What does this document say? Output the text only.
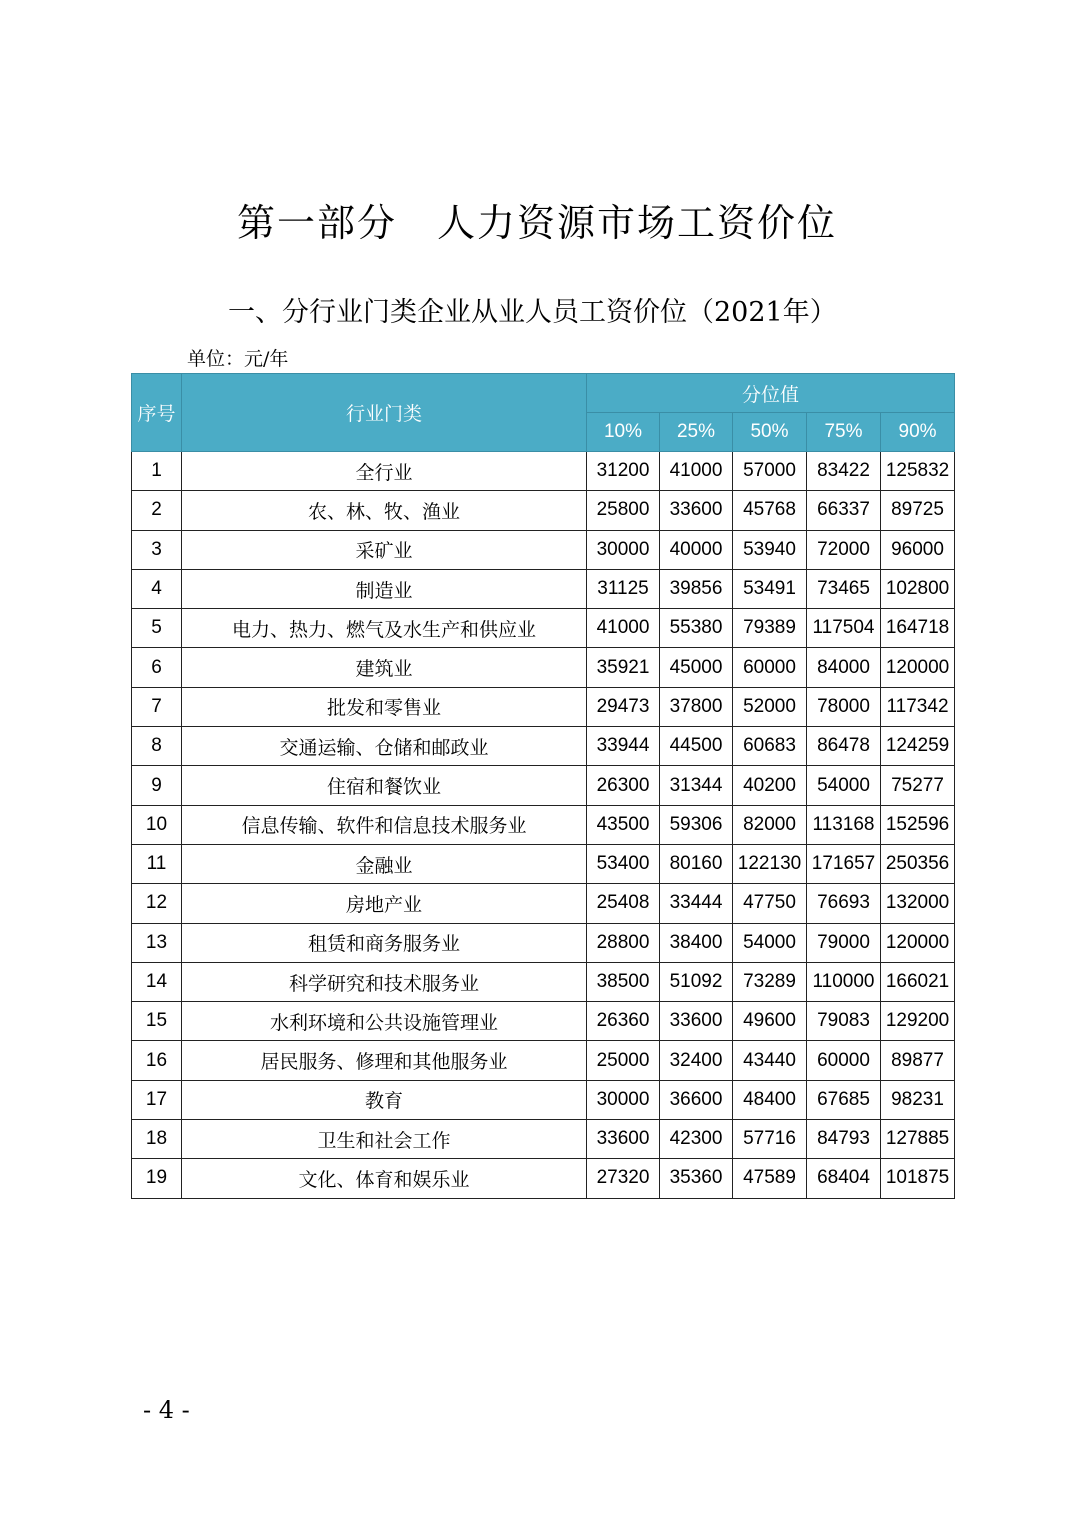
第一部分　人力资源市场工资价位
一、分行业门类企业从业人员工资价位（2021年）
单位：元/年
序号	行业门类	分位值				
		10%	25%	50%	75%	90%
1	全行业	31200	41000	57000	83422	125832
2	农、林、牧、渔业	25800	33600	45768	66337	89725
3	采矿业	30000	40000	53940	72000	96000
4	制造业	31125	39856	53491	73465	102800
5	电力、热力、燃气及水生产和供应业	41000	55380	79389	117504	164718
6	建筑业	35921	45000	60000	84000	120000
7	批发和零售业	29473	37800	52000	78000	117342
8	交通运输、仓储和邮政业	33944	44500	60683	86478	124259
9	住宿和餐饮业	26300	31344	40200	54000	75277
10	信息传输、软件和信息技术服务业	43500	59306	82000	113168	152596
11	金融业	53400	80160	122130	171657	250356
12	房地产业	25408	33444	47750	76693	132000
13	租赁和商务服务业	28800	38400	54000	79000	120000
14	科学研究和技术服务业	38500	51092	73289	110000	166021
15	水利环境和公共设施管理业	26360	33600	49600	79083	129200
16	居民服务、修理和其他服务业	25000	32400	43440	60000	89877
17	教育	30000	36600	48400	67685	98231
18	卫生和社会工作	33600	42300	57716	84793	127885
19	文化、体育和娱乐业	27320	35360	47589	68404	101875
- 4 -
